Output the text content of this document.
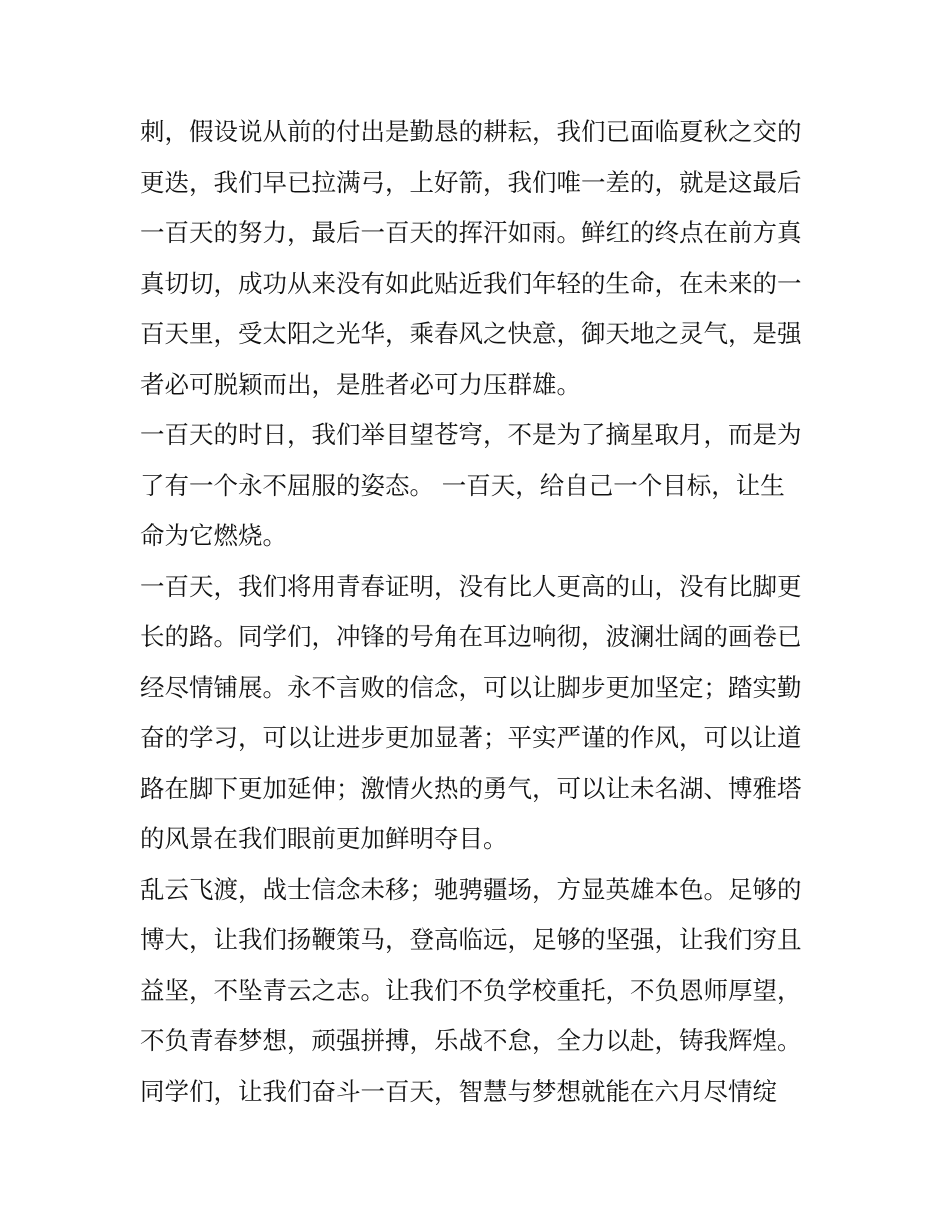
刺，假设说从前的付出是勤恳的耕耘，我们已面临夏秋之交的
更迭，我们早已拉满弓，上好箭，我们唯一差的，就是这最后
一百天的努力，最后一百天的挥汗如雨。鲜红的终点在前方真
真切切，成功从来没有如此贴近我们年轻的生命，在未来的一
百天里，受太阳之光华，乘春风之快意，御天地之灵气，是强
者必可脱颖而出，是胜者必可力压群雄。
一百天的时日，我们举目望苍穹，不是为了摘星取月，而是为
了有一个永不屈服的姿态。 一百天，给自己一个目标，让生
命为它燃烧。
一百天，我们将用青春证明，没有比人更高的山，没有比脚更
长的路。同学们，冲锋的号角在耳边响彻，波澜壮阔的画卷已
经尽情铺展。永不言败的信念，可以让脚步更加坚定；踏实勤
奋的学习，可以让进步更加显著；平实严谨的作风，可以让道
路在脚下更加延伸；激情火热的勇气，可以让未名湖、博雅塔
的风景在我们眼前更加鲜明夺目。
乱云飞渡，战士信念未移；驰骋疆场，方显英雄本色。足够的
博大，让我们扬鞭策马，登高临远，足够的坚强，让我们穷且
益坚，不坠青云之志。让我们不负学校重托，不负恩师厚望，
不负青春梦想，顽强拼搏，乐战不怠，全力以赴，铸我辉煌。
同学们，让我们奋斗一百天，智慧与梦想就能在六月尽情绽
